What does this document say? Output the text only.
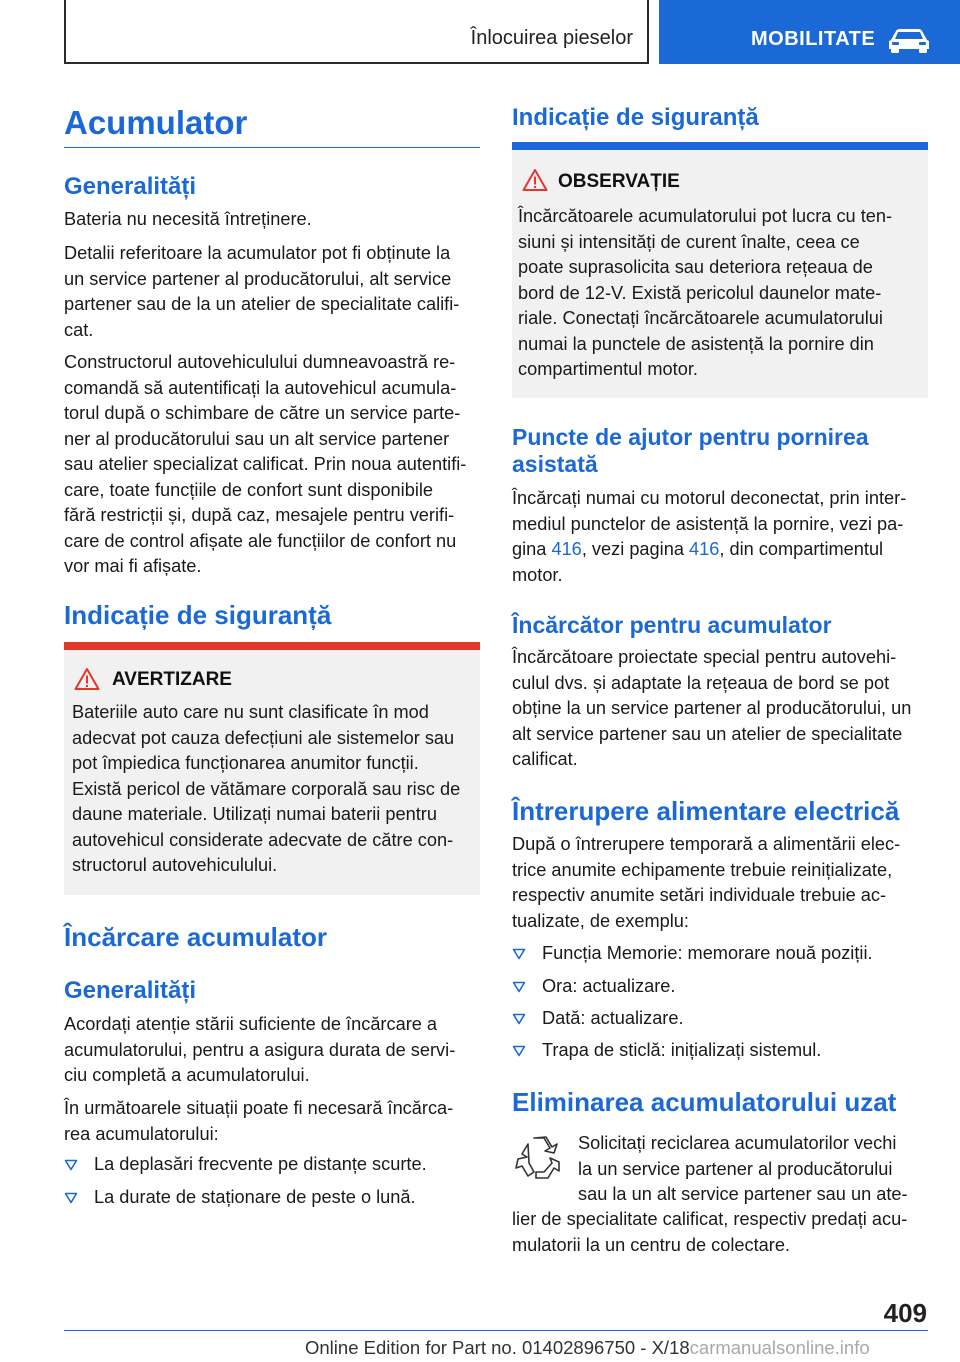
Înlocuirea pieselor	MOBILITATE
Acumulator
Generalități
Bateria nu necesită întreținere.
Detalii referitoare la acumulator pot fi obținute la
un service partener al producătorului, alt service
partener sau de la un atelier de specialitate califi-
cat.
Constructorul autovehiculului dumneavoastră re-
comandă să autentificați la autovehicul acumula-
torul după o schimbare de către un service parte-
ner al producătorului sau un alt service partener
sau atelier specializat calificat. Prin noua autentifi-
care, toate funcțiile de confort sunt disponibile
fără restricții și, după caz, mesajele pentru verifi-
care de control afișate ale funcțiilor de confort nu
vor mai fi afișate.
Indicație de siguranță
AVERTIZARE
Bateriile auto care nu sunt clasificate în mod
adecvat pot cauza defecțiuni ale sistemelor sau
pot împiedica funcționarea anumitor funcții.
Există pericol de vătămare corporală sau risc de
daune materiale. Utilizați numai baterii pentru
autovehicul considerate adecvate de către con-
structorul autovehiculului.
Încărcare acumulator
Generalități
Acordați atenție stării suficiente de încărcare a
acumulatorului, pentru a asigura durata de servi-
ciu completă a acumulatorului.
În următoarele situații poate fi necesară încărca-
rea acumulatorului:
La deplasări frecvente pe distanțe scurte.
La durate de staționare de peste o lună.
Indicație de siguranță
OBSERVAȚIE
Încărcătoarele acumulatorului pot lucra cu ten-
siuni și intensități de curent înalte, ceea ce
poate suprasolicita sau deteriora rețeaua de
bord de 12-V. Există pericolul daunelor mate-
riale. Conectați încărcătoarele acumulatorului
numai la punctele de asistență la pornire din
compartimentul motor.
Puncte de ajutor pentru pornirea
asistată
Încărcați numai cu motorul deconectat, prin inter-
mediul punctelor de asistență la pornire, vezi pa-
gina 416, vezi pagina 416, din compartimentul
motor.
Încărcător pentru acumulator
Încărcătoare proiectate special pentru autovehi-
culul dvs. și adaptate la rețeaua de bord se pot
obține la un service partener al producătorului, un
alt service partener sau un atelier de specialitate
calificat.
Întrerupere alimentare electrică
După o întrerupere temporară a alimentării elec-
trice anumite echipamente trebuie reinițializate,
respectiv anumite setări individuale trebuie ac-
tualizate, de exemplu:
Funcția Memorie: memorare nouă poziții.
Ora: actualizare.
Dată: actualizare.
Trapa de sticlă: inițializați sistemul.
Eliminarea acumulatorului uzat
Solicitați reciclarea acumulatorilor vechi
la un service partener al producătorului
sau la un alt service partener sau un ate-
lier de specialitate calificat, respectiv predați acu-
mulatorii la un centru de colectare.
409
Online Edition for Part no. 01402896750 - X/18carmanualsonline.info
